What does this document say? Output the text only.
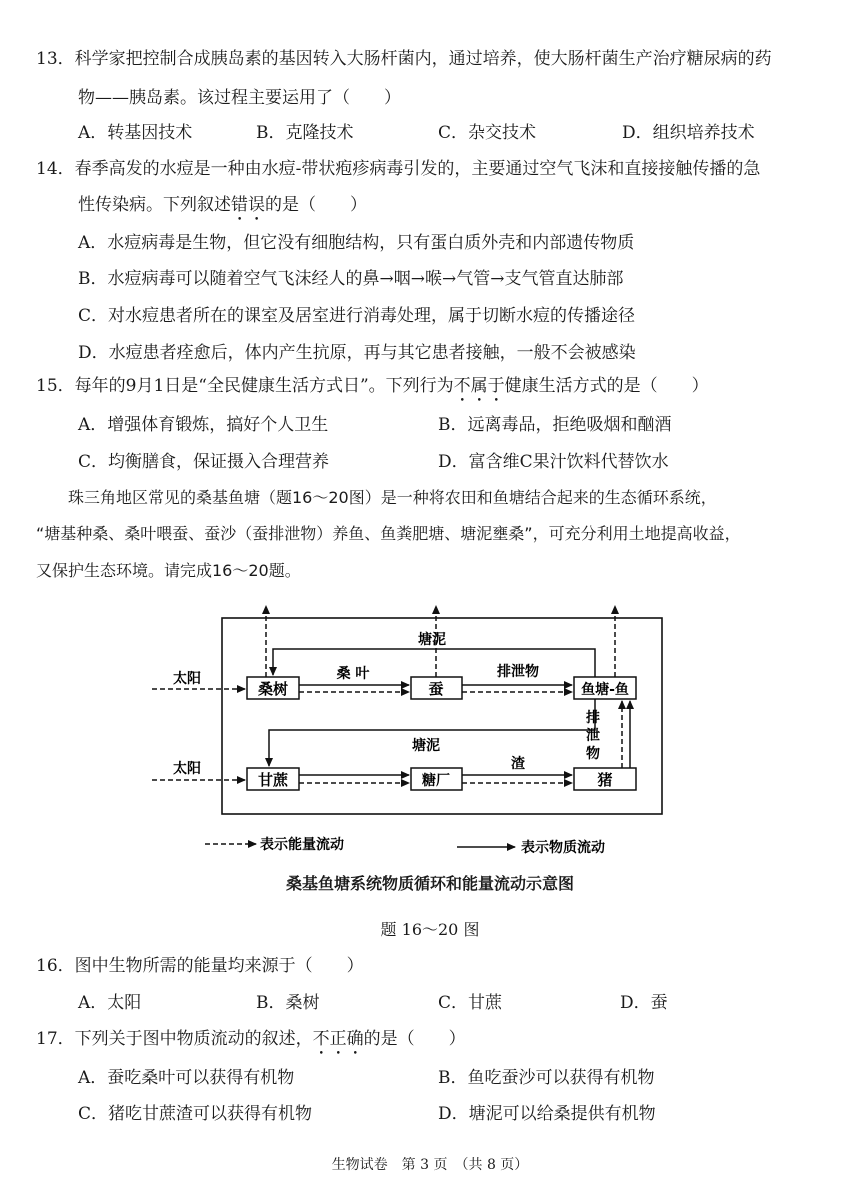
13．科学家把控制合成胰岛素的基因转入大肠杆菌内，通过培养，使大肠杆菌生产治疗糖尿病的药
物——胰岛素。该过程主要运用了（　　）
A．转基因技术	B．克隆技术	C．杂交技术	D．组织培养技术
14．春季高发的水痘是一种由水痘-带状疱疹病毒引发的，主要通过空气飞沫和直接接触传播的急
性传染病。下列叙述错误的是（　　）
A．水痘病毒是生物，但它没有细胞结构，只有蛋白质外壳和内部遗传物质
B．水痘病毒可以随着空气飞沫经人的鼻→咽→喉→气管→支气管直达肺部
C．对水痘患者所在的课室及居室进行消毒处理，属于切断水痘的传播途径
D．水痘患者痊愈后，体内产生抗原，再与其它患者接触，一般不会被感染
15．每年的9月1日是“全民健康生活方式日”。下列行为不属于健康生活方式的是（　　）
A．增强体育锻炼，搞好个人卫生	B．远离毒品，拒绝吸烟和酗酒
C．均衡膳食，保证摄入合理营养	D．富含维C果汁饮料代替饮水
　　珠三角地区常见的桑基鱼塘（题16～20图）是一种将农田和鱼塘结合起来的生态循环系统，
“塘基种桑、桑叶喂蚕、蚕沙（蚕排泄物）养鱼、鱼粪肥塘、塘泥壅桑”，可充分利用土地提高收益，
又保护生态环境。请完成16～20题。
桑树	蚕	鱼塘-鱼
甘蔗	糖厂	猪
太阳
太阳
桑 叶	排泄物
塘泥
塘泥
渣
排
泄
物
表示能量流动	表示物质流动
桑基鱼塘系统物质循环和能量流动示意图
题 16～20 图
16．图中生物所需的能量均来源于（　　）
A．太阳	B．桑树	C．甘蔗	D．蚕
17．下列关于图中物质流动的叙述，不正确的是（　　）
A．蚕吃桑叶可以获得有机物	B．鱼吃蚕沙可以获得有机物
C．猪吃甘蔗渣可以获得有机物	D．塘泥可以给桑提供有机物
生物试卷　第 3 页　（共 8 页）
